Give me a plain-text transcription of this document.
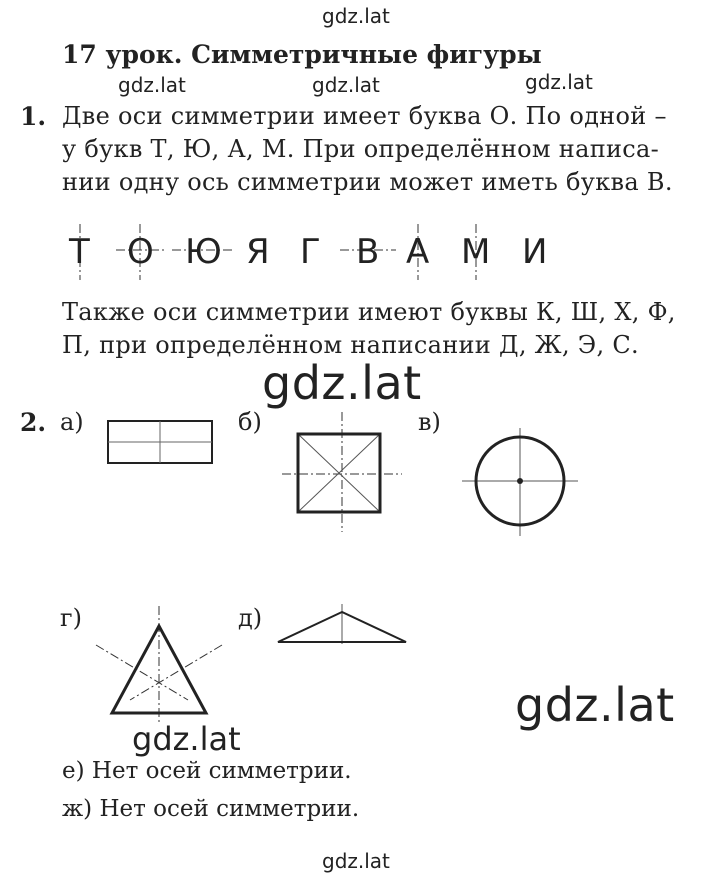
gdz.lat
gdz.lat	gdz.lat	gdz.lat
gdz.lat
gdz.lat
gdz.lat
gdz.lat
17 урок. Симметричные фигуры
1. Две оси симметрии имеет буква О. По одной –
у букв Т, Ю, А, М. При определённом написа-
нии одну ось симметрии может иметь буква В.
Т О Ю Я Г В А М И
Также оси симметрии имеют буквы К, Ш, Х, Ф,
П, при определённом написании Д, Ж, Э, С.
2. а)	б)	в)
г)	д)
е) Нет осей симметрии.
ж) Нет осей симметрии.
